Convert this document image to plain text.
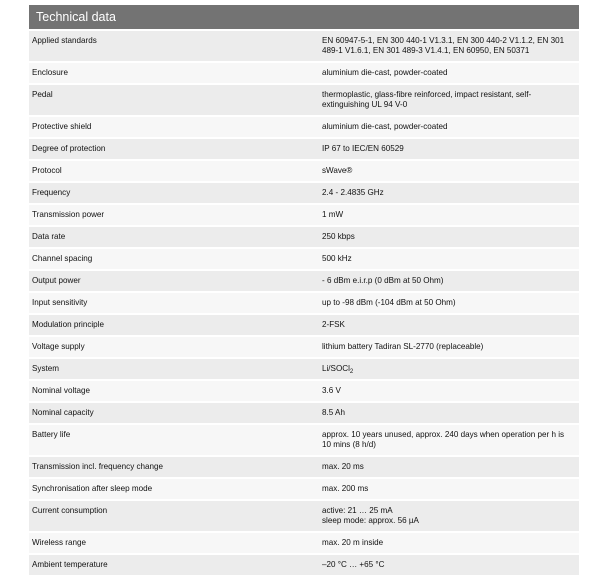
Technical data
Applied standards	EN 60947-5-1, EN 300 440-1 V1.3.1, EN 300 440-2 V1.1.2, EN 301 489-1 V1.6.1, EN 301 489-3 V1.4.1, EN 60950, EN 50371
Enclosure	aluminium die-cast, powder-coated
Pedal	thermoplastic, glass-fibre reinforced, impact resistant, self-extinguishing UL 94 V-0
Protective shield	aluminium die-cast, powder-coated
Degree of protection	IP 67 to IEC/EN 60529
Protocol	sWave®
Frequency	2.4 - 2.4835 GHz
Transmission power	1 mW
Data rate	250 kbps
Channel spacing	500 kHz
Output power	- 6 dBm e.i.r.p (0 dBm at 50 Ohm)
Input sensitivity	up to -98 dBm (-104 dBm at 50 Ohm)
Modulation principle	2-FSK
Voltage supply	lithium battery Tadiran SL-2770 (replaceable)
System	Li/SOCl$_2$
Nominal voltage	3.6 V
Nominal capacity	8.5 Ah
Battery life	approx. 10 years unused, approx. 240 days when operation per h is 10 mins (8 h/d)
Transmission incl. frequency change	max. 20 ms
Synchronisation after sleep mode	max. 200 ms
Current consumption	active: 21 … 25 mA
sleep mode: approx. 56 µA

Wireless range	max. 20 m inside
Ambient temperature	–20 °C … +65 °C
